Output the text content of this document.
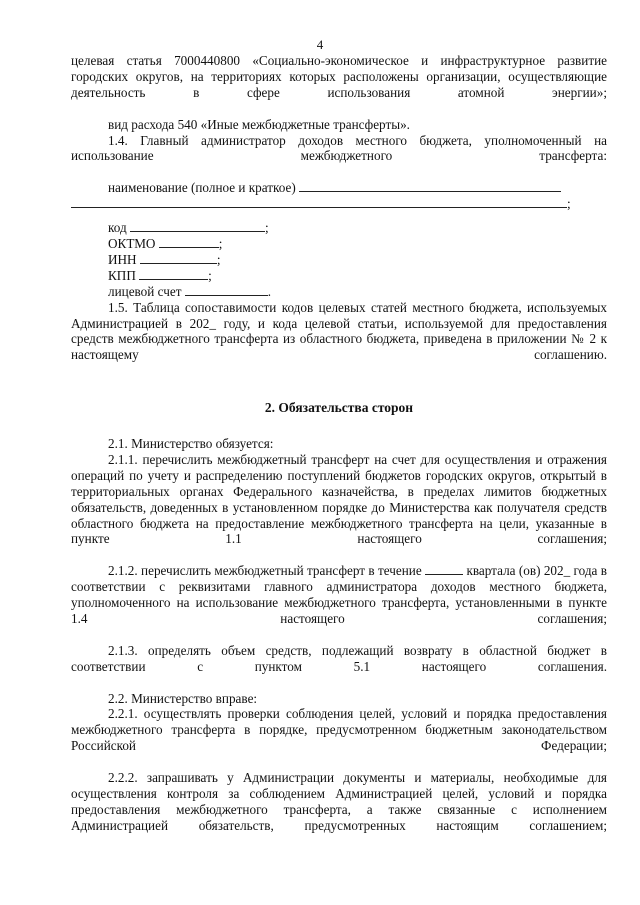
4

целевая статья 7000440800 «Социально-экономическое и инфраструктурное развитие городских округов, на территориях которых расположены организации, осуществляющие деятельность в сфере использования атомной энергии»;

вид расхода 540 «Иные межбюджетные трансферты».

1.4. Главный администратор доходов местного бюджета, уполномоченный на использование межбюджетного трансферта:

наименование (полное и краткое)

;

код	;

ОКТМО	;

ИНН	;

КПП	;

лицевой счет	.

1.5. Таблица сопоставимости кодов целевых статей местного бюджета, используемых Администрацией в 202_ году, и кода целевой статьи, используемой для предоставления средств межбюджетного трансферта из областного бюджета, приведена в приложении № 2 к настоящему соглашению.

2. Обязательства сторон

2.1. Министерство обязуется:

2.1.1. перечислить межбюджетный трансферт на счет для осуществления и отражения операций по учету и распределению поступлений бюджетов городских округов, открытый в территориальных органах Федерального казначейства, в пределах лимитов бюджетных обязательств, доведенных в установленном порядке до Министерства как получателя средств областного бюджета на предоставление межбюджетного трансферта на цели, указанные в пункте 1.1 настоящего соглашения;

2.1.2. перечислить межбюджетный трансферт в течение	квартала (ов) 202_ года в соответствии с реквизитами главного администратора доходов местного бюджета, уполномоченного на использование межбюджетного трансферта, установленными в пункте 1.4 настоящего соглашения;

2.1.3. определять объем средств, подлежащий возврату в областной бюджет в соответствии с пунктом 5.1 настоящего соглашения.

2.2. Министерство вправе:

2.2.1. осуществлять проверки соблюдения целей, условий и порядка предоставления межбюджетного трансферта в порядке, предусмотренном бюджетным законодательством Российской Федерации;

2.2.2. запрашивать у Администрации документы и материалы, необходимые для осуществления контроля за соблюдением Администрацией целей, условий и порядка предоставления межбюджетного трансферта, а также связанные с исполнением Администрацией обязательств, предусмотренных настоящим соглашением;
